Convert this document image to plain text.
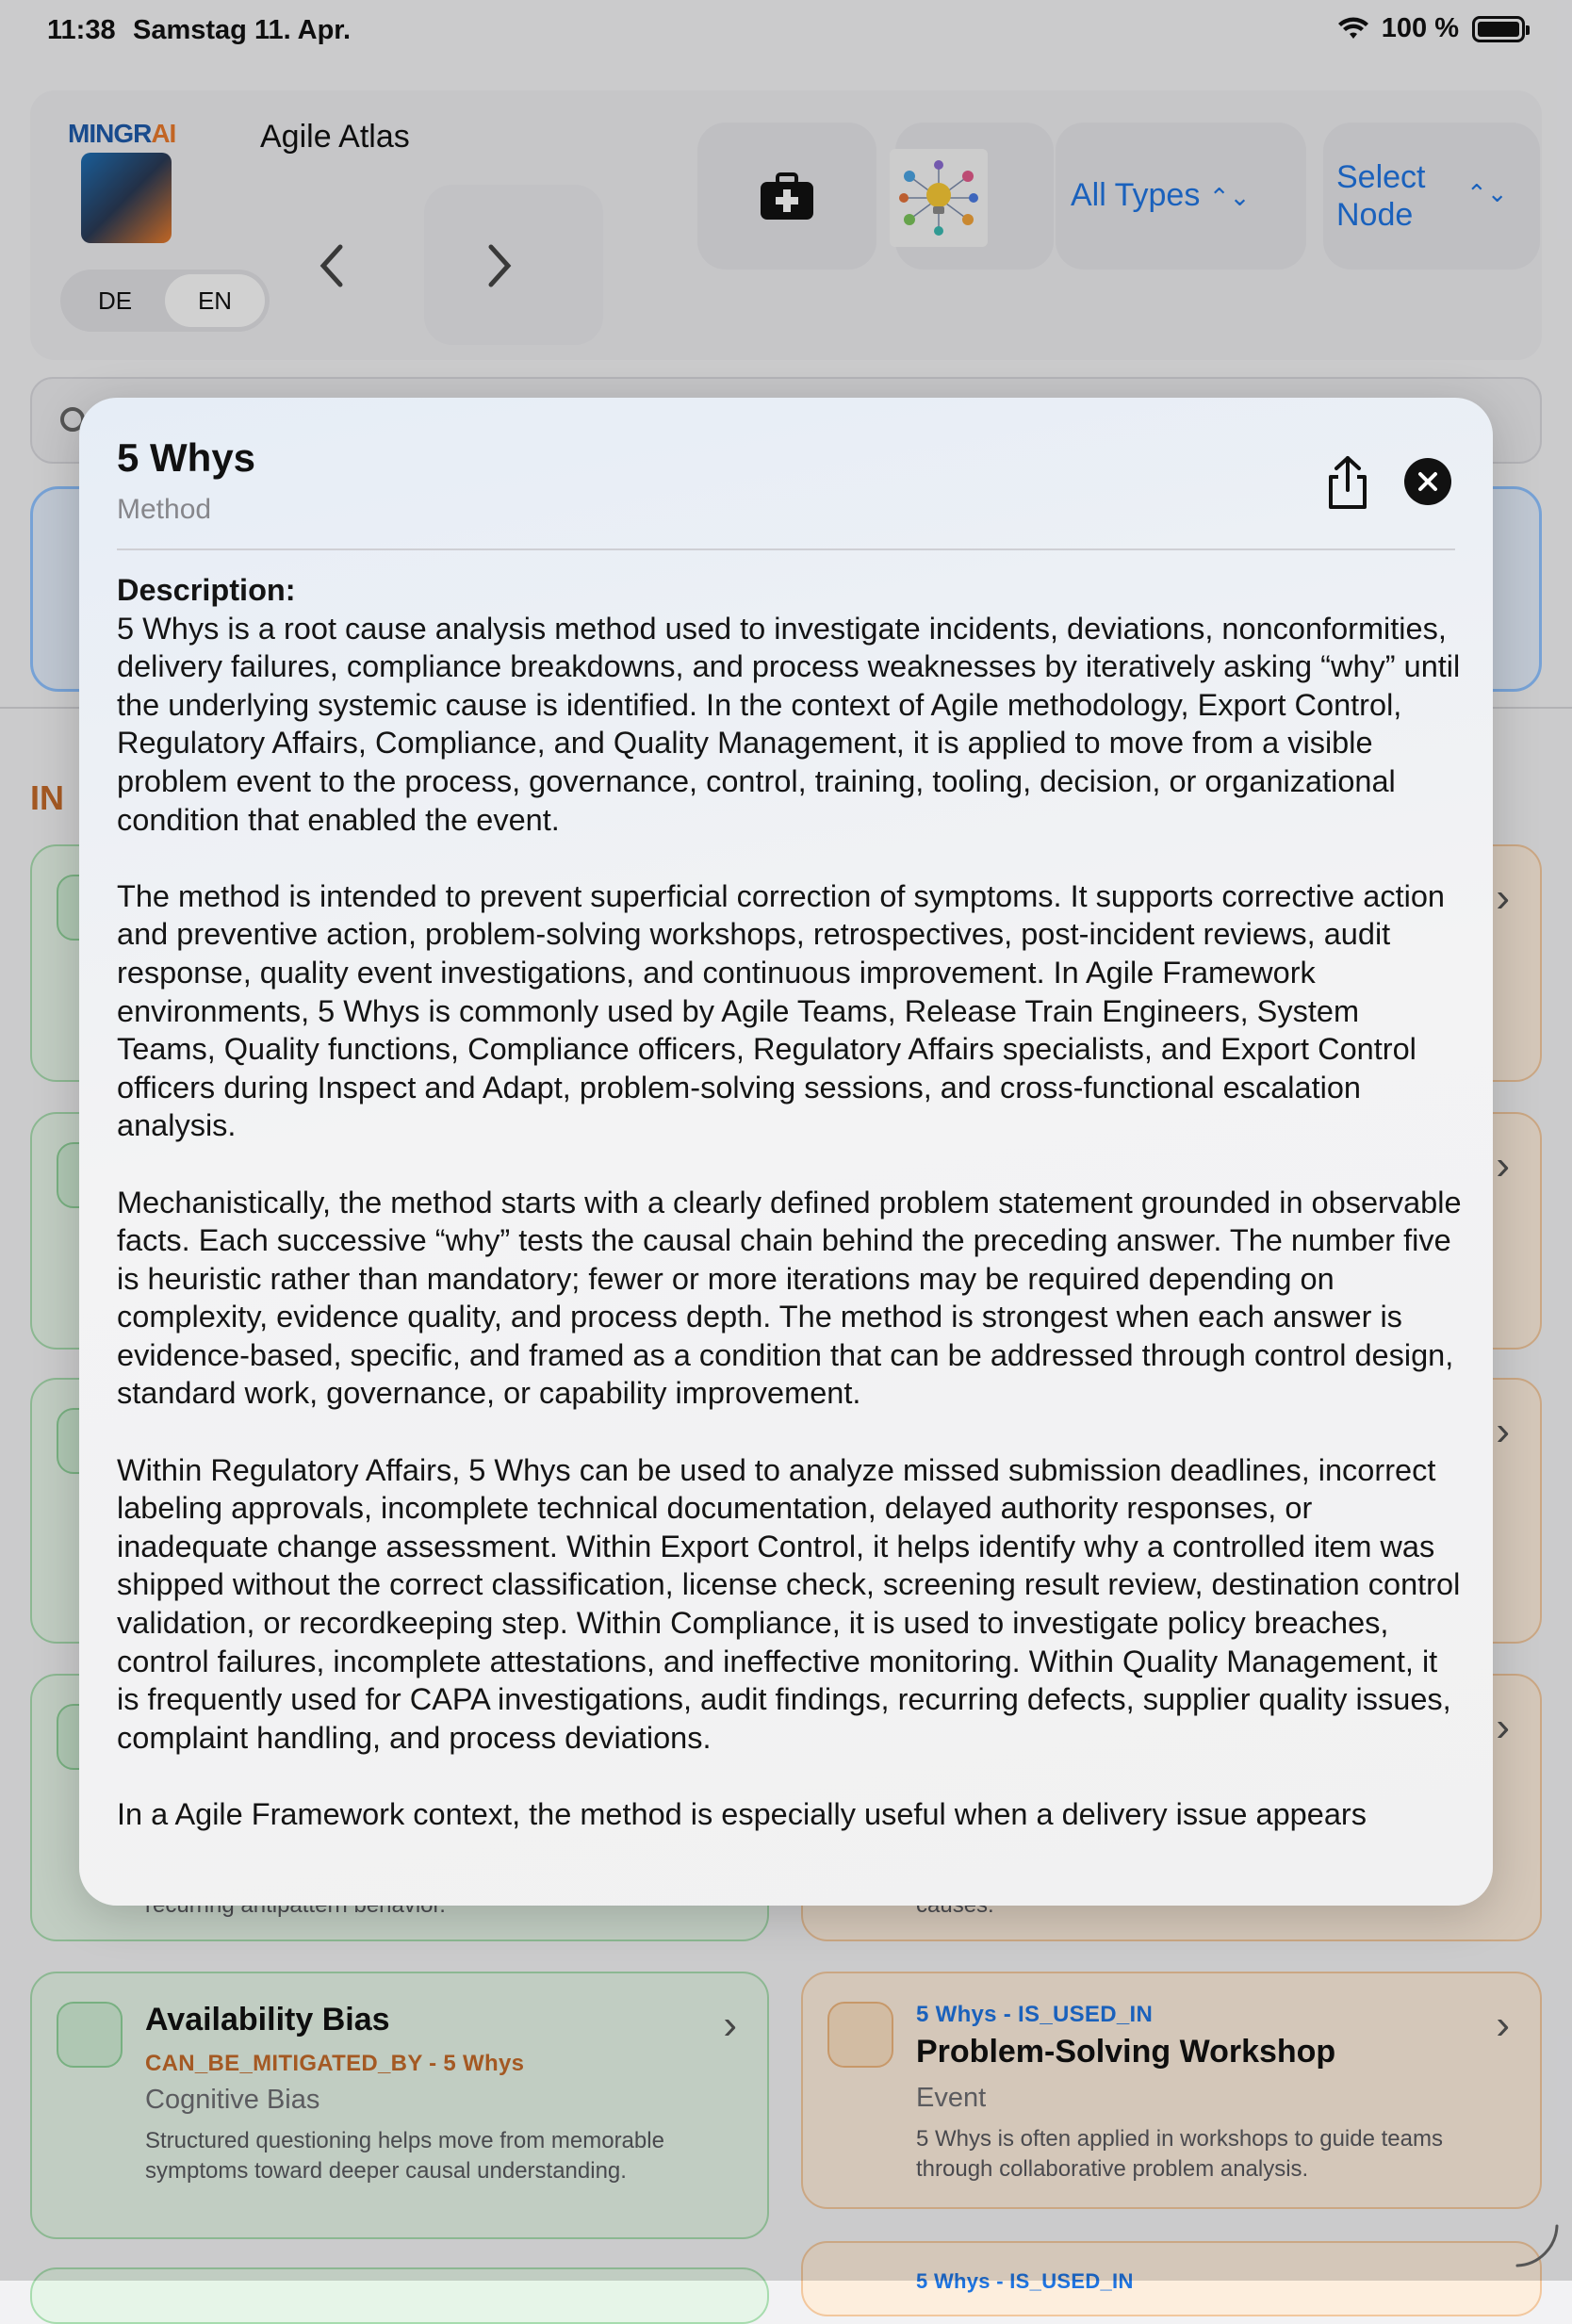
11:38 Samstag 11. Apr.	100 %
MINGRAI	Agile Atlas
DE	EN
All Types ⌃⌄
Select
Node
⌃⌄
IN
›
›
›
›
›
Availability Bias
CAN_BE_MITIGATED_BY - 5 Whys
Cognitive Bias
Structured questioning helps move from memorable symptoms toward deeper causal understanding.
›
5 Whys - IS_USED_IN
Problem-Solving Workshop
Event
5 Whys is often applied in workshops to guide teams through collaborative problem analysis.
5 Whys - IS_USED_IN
5 Whys
Method
Description:

5 Whys is a root cause analysis method used to investigate incidents, deviations, nonconformities, delivery failures, compliance breakdowns, and process weaknesses by iteratively asking “why” until the underlying systemic cause is identified. In the context of Agile methodology, Export Control, Regulatory Affairs, Compliance, and Quality Management, it is applied to move from a visible problem event to the process, governance, control, training, tooling, decision, or organizational condition that enabled the event.

The method is intended to prevent superficial correction of symptoms. It supports corrective action and preventive action, problem-solving workshops, retrospectives, post-incident reviews, audit response, quality event investigations, and continuous improvement. In Agile Framework environments, 5 Whys is commonly used by Agile Teams, Release Train Engineers, System Teams, Quality functions, Compliance officers, Regulatory Affairs specialists, and Export Control officers during Inspect and Adapt, problem-solving sessions, and cross-functional escalation analysis.

Mechanistically, the method starts with a clearly defined problem statement grounded in observable facts. Each successive “why” tests the causal chain behind the preceding answer. The number five is heuristic rather than mandatory; fewer or more iterations may be required depending on complexity, evidence quality, and process depth. The method is strongest when each answer is evidence-based, specific, and framed as a condition that can be addressed through control design, standard work, governance, or capability improvement.

Within Regulatory Affairs, 5 Whys can be used to analyze missed submission deadlines, incorrect labeling approvals, incomplete technical documentation, delayed authority responses, or inadequate change assessment. Within Export Control, it helps identify why a controlled item was shipped without the correct classification, license check, screening result review, destination control validation, or recordkeeping step. Within Compliance, it is used to investigate policy breaches, control failures, incomplete attestations, and ineffective monitoring. Within Quality Management, it is frequently used for CAPA investigations, audit findings, recurring defects, supplier quality issues, complaint handling, and process deviations.

In a Agile Framework context, the method is especially useful when a delivery issue appears
